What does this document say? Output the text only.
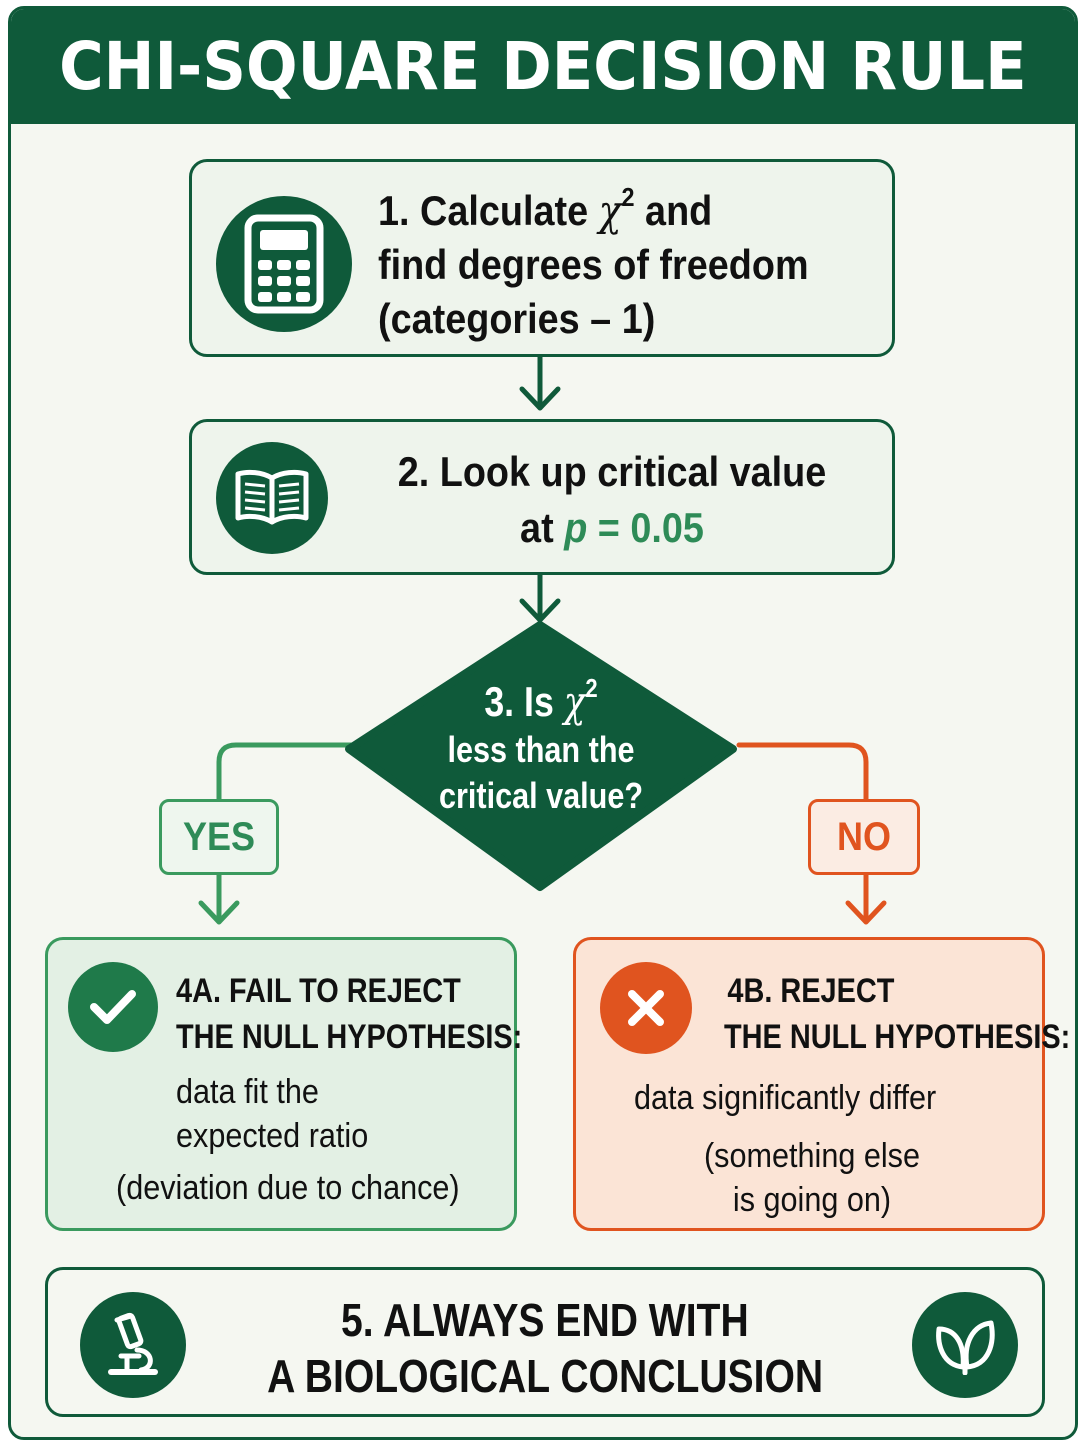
CHI-SQUARE DECISION RULE
1. Calculate $\chi^2$ and
find degrees of freedom
(categories – 1)
2. Look up critical value
at p = 0.05
3. Is $\chi^2$
less than the
critical value?
YES	NO
4A. FAIL TO REJECT
THE NULL HYPOTHESIS:
data fit the
expected ratio
(deviation due to chance)
4B. REJECT
THE NULL HYPOTHESIS:
data significantly differ
(something else
is going on)
5. ALWAYS END WITH
A BIOLOGICAL CONCLUSION
